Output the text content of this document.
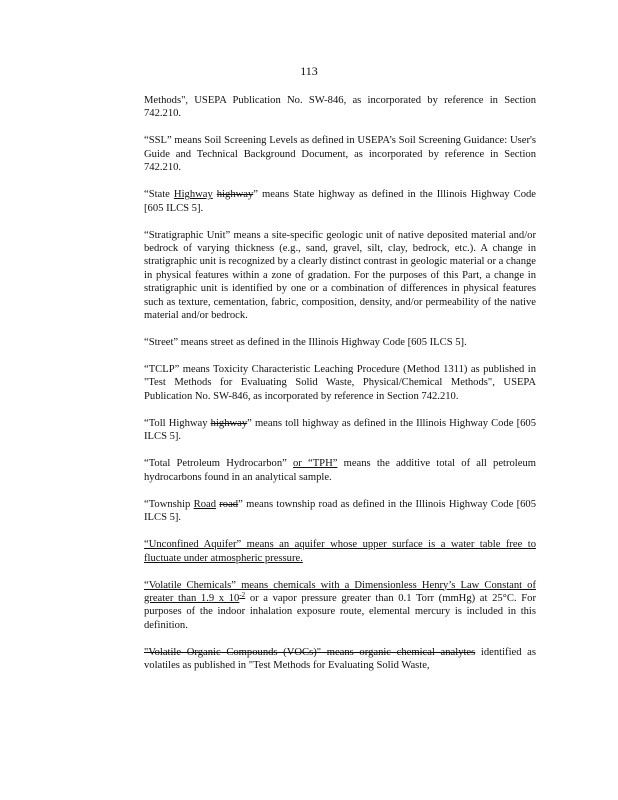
113

Methods", USEPA Publication No. SW-846, as incorporated by reference in Section 742.210.

“SSL” means Soil Screening Levels as defined in USEPA’s Soil Screening Guidance: User's Guide and Technical Background Document, as incorporated by reference in Section 742.210.

“State Highway highway” means State highway as defined in the Illinois Highway Code [605 ILCS 5].

“Stratigraphic Unit” means a site-specific geologic unit of native deposited material and/or bedrock of varying thickness (e.g., sand, gravel, silt, clay, bedrock, etc.). A change in stratigraphic unit is recognized by a clearly distinct contrast in geologic material or a change in physical features within a zone of gradation. For the purposes of this Part, a change in stratigraphic unit is identified by one or a combination of differences in physical features such as texture, cementation, fabric, composition, density, and/or permeability of the native material and/or bedrock.

“Street” means street as defined in the Illinois Highway Code [605 ILCS 5].

“TCLP” means Toxicity Characteristic Leaching Procedure (Method 1311) as published in "Test Methods for Evaluating Solid Waste, Physical/Chemical Methods", USEPA Publication No. SW-846, as incorporated by reference in Section 742.210.

“Toll Highway highway” means toll highway as defined in the Illinois Highway Code [605 ILCS 5].

“Total Petroleum Hydrocarbon” or “TPH” means the additive total of all petroleum hydrocarbons found in an analytical sample.

“Township Road road” means township road as defined in the Illinois Highway Code [605 ILCS 5].

“Unconfined Aquifer” means an aquifer whose upper surface is a water table free to fluctuate under atmospheric pressure.

“Volatile Chemicals” means chemicals with a Dimensionless Henry’s Law Constant of greater than 1.9 x $10^{-2}$ or a vapor pressure greater than 0.1 Torr (mmHg) at 25°C. For purposes of the indoor inhalation exposure route, elemental mercury is included in this definition.

"Volatile Organic Compounds (VOCs)" means organic chemical analytes identified as volatiles as published in "Test Methods for Evaluating Solid Waste,
